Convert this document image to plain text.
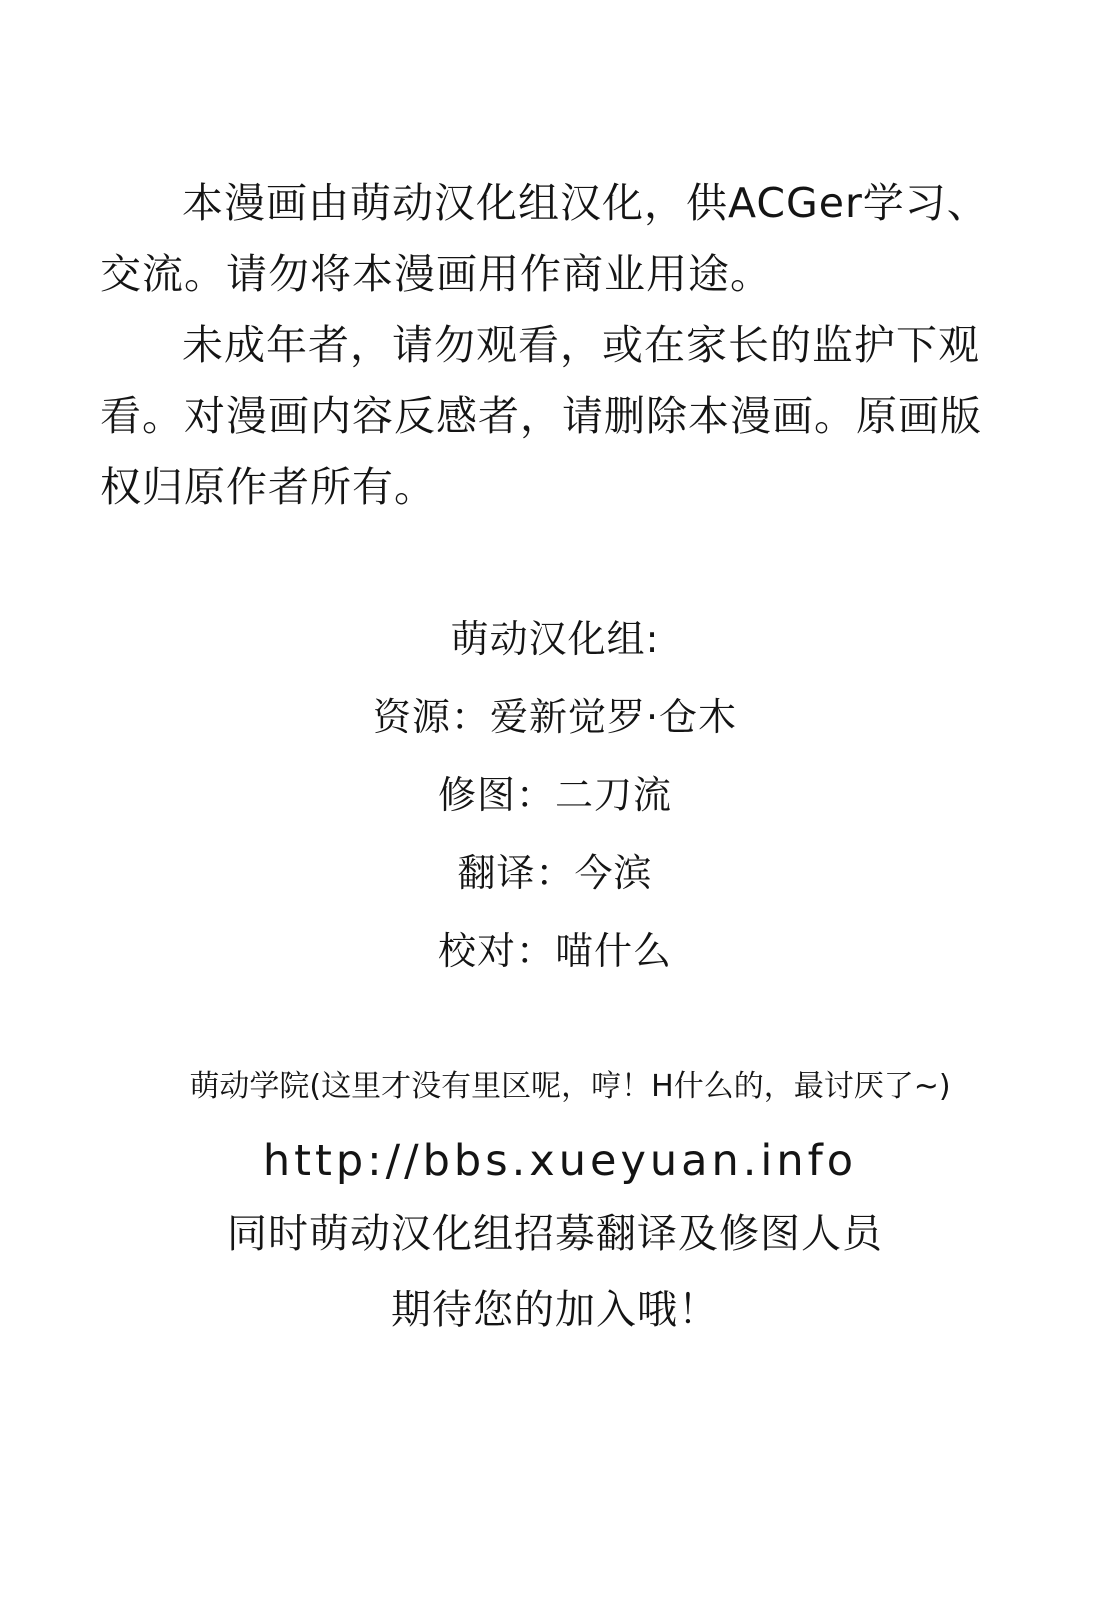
本漫画由萌动汉化组汉化，供ACGer学习、交流。请勿将本漫画用作商业用途。

未成年者，请勿观看，或在家长的监护下观看。对漫画内容反感者，请删除本漫画。原画版权归原作者所有。

萌动汉化组:
资源：爱新觉罗·仓木
修图：二刀流
翻译：今滨
校对：喵什么
萌动学院(这里才没有里区呢，哼！H什么的，最讨厌了~)
http://bbs.xueyuan.info
同时萌动汉化组招募翻译及修图人员
期待您的加入哦！
